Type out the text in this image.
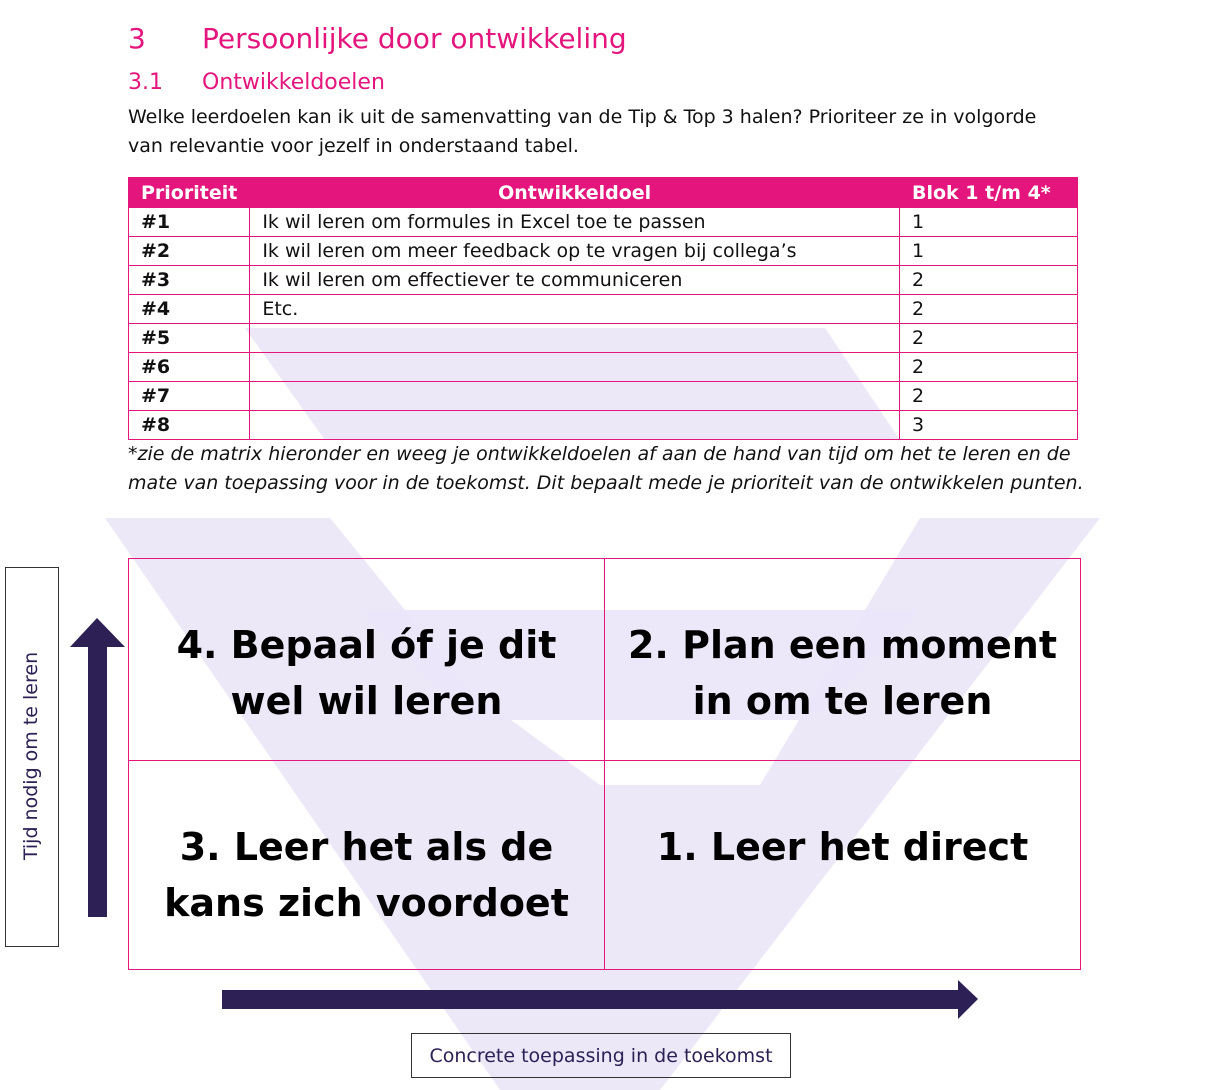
3 Persoonlijke door ontwikkeling
3.1 Ontwikkeldoelen
Welke leerdoelen kan ik uit de samenvatting van de Tip & Top 3 halen? Prioriteer ze in volgorde van relevantie voor jezelf in onderstaand tabel.
Prioriteit	Ontwikkeldoel	Blok 1 t/m 4*
#1	Ik wil leren om formules in Excel toe te passen	1
#2	Ik wil leren om meer feedback op te vragen bij collega’s	1
#3	Ik wil leren om effectiever te communiceren	2
#4	Etc.	2
#5		2
#6		2
#7		2
#8		3
*zie de matrix hieronder en weeg je ontwikkeldoelen af aan de hand van tijd om het te leren en de mate van toepassing voor in de toekomst. Dit bepaalt mede je prioriteit van de ontwikkelen punten.
4. Bepaal óf je dit wel wil leren
2. Plan een moment in om te leren
3. Leer het als de kans zich voordoet
1. Leer het direct
Tijd nodig om te leren
Concrete toepassing in de toekomst
